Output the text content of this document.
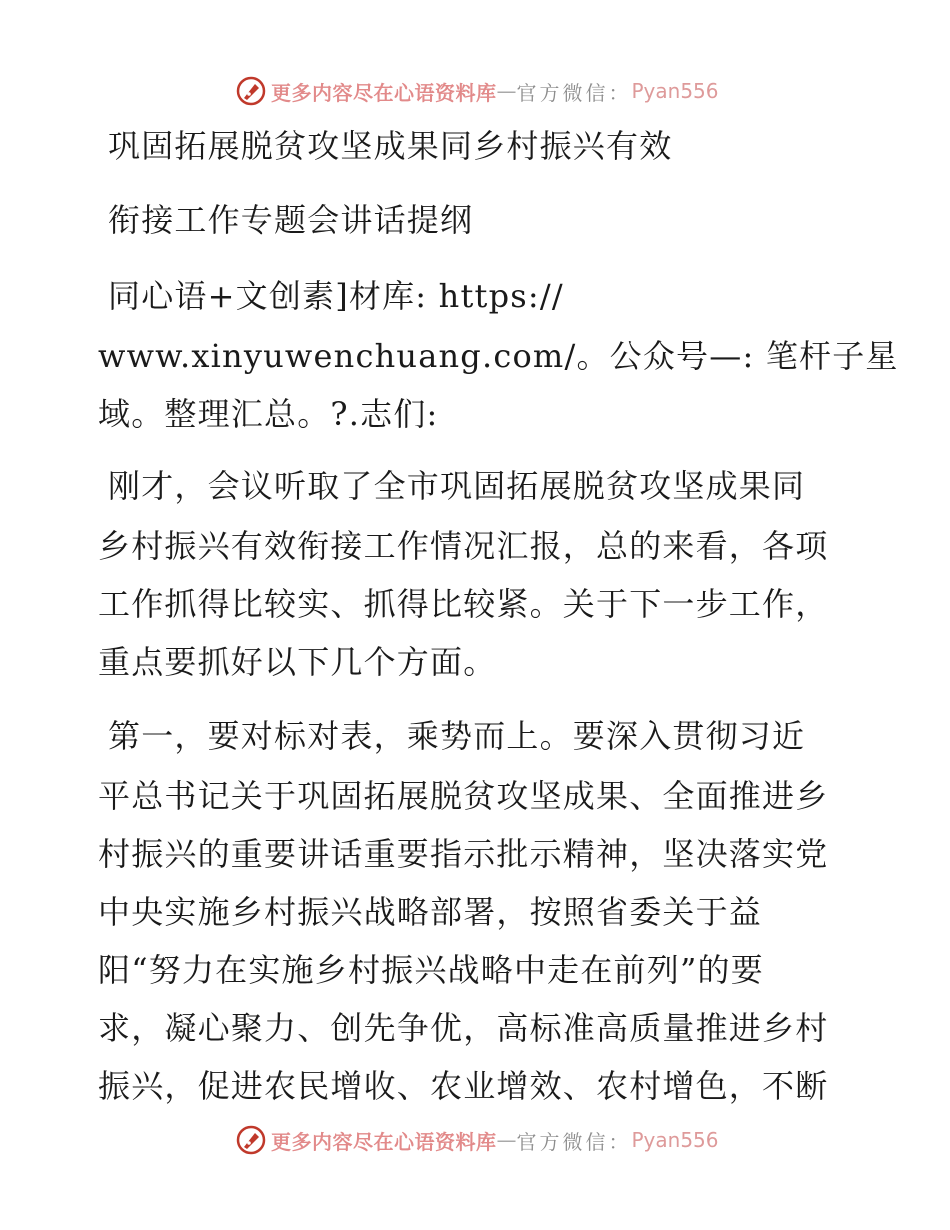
更多内容尽在心语资料库 — 官方微信： Pyan556
巩固拓展脱贫攻坚成果同乡村振兴有效
衔接工作专题会讲话提纲
同心语+文创素]材库: https://
www.xinyuwenchuang.com/。公众号—: 笔杆子星
域。整理汇总。?.志们:
刚才，会议听取了全市巩固拓展脱贫攻坚成果同
乡村振兴有效衔接工作情况汇报，总的来看，各项
工作抓得比较实、抓得比较紧。关于下一步工作，
重点要抓好以下几个方面。
第一，要对标对表，乘势而上。要深入贯彻习近
平总书记关于巩固拓展脱贫攻坚成果、全面推进乡
村振兴的重要讲话重要指示批示精神，坚决落实党
中央实施乡村振兴战略部署，按照省委关于益
阳“努力在实施乡村振兴战略中走在前列”的要
求，凝心聚力、创先争优，高标准高质量推进乡村
振兴，促进农民增收、农业增效、农村增色，不断
更多内容尽在心语资料库 — 官方微信： Pyan556
